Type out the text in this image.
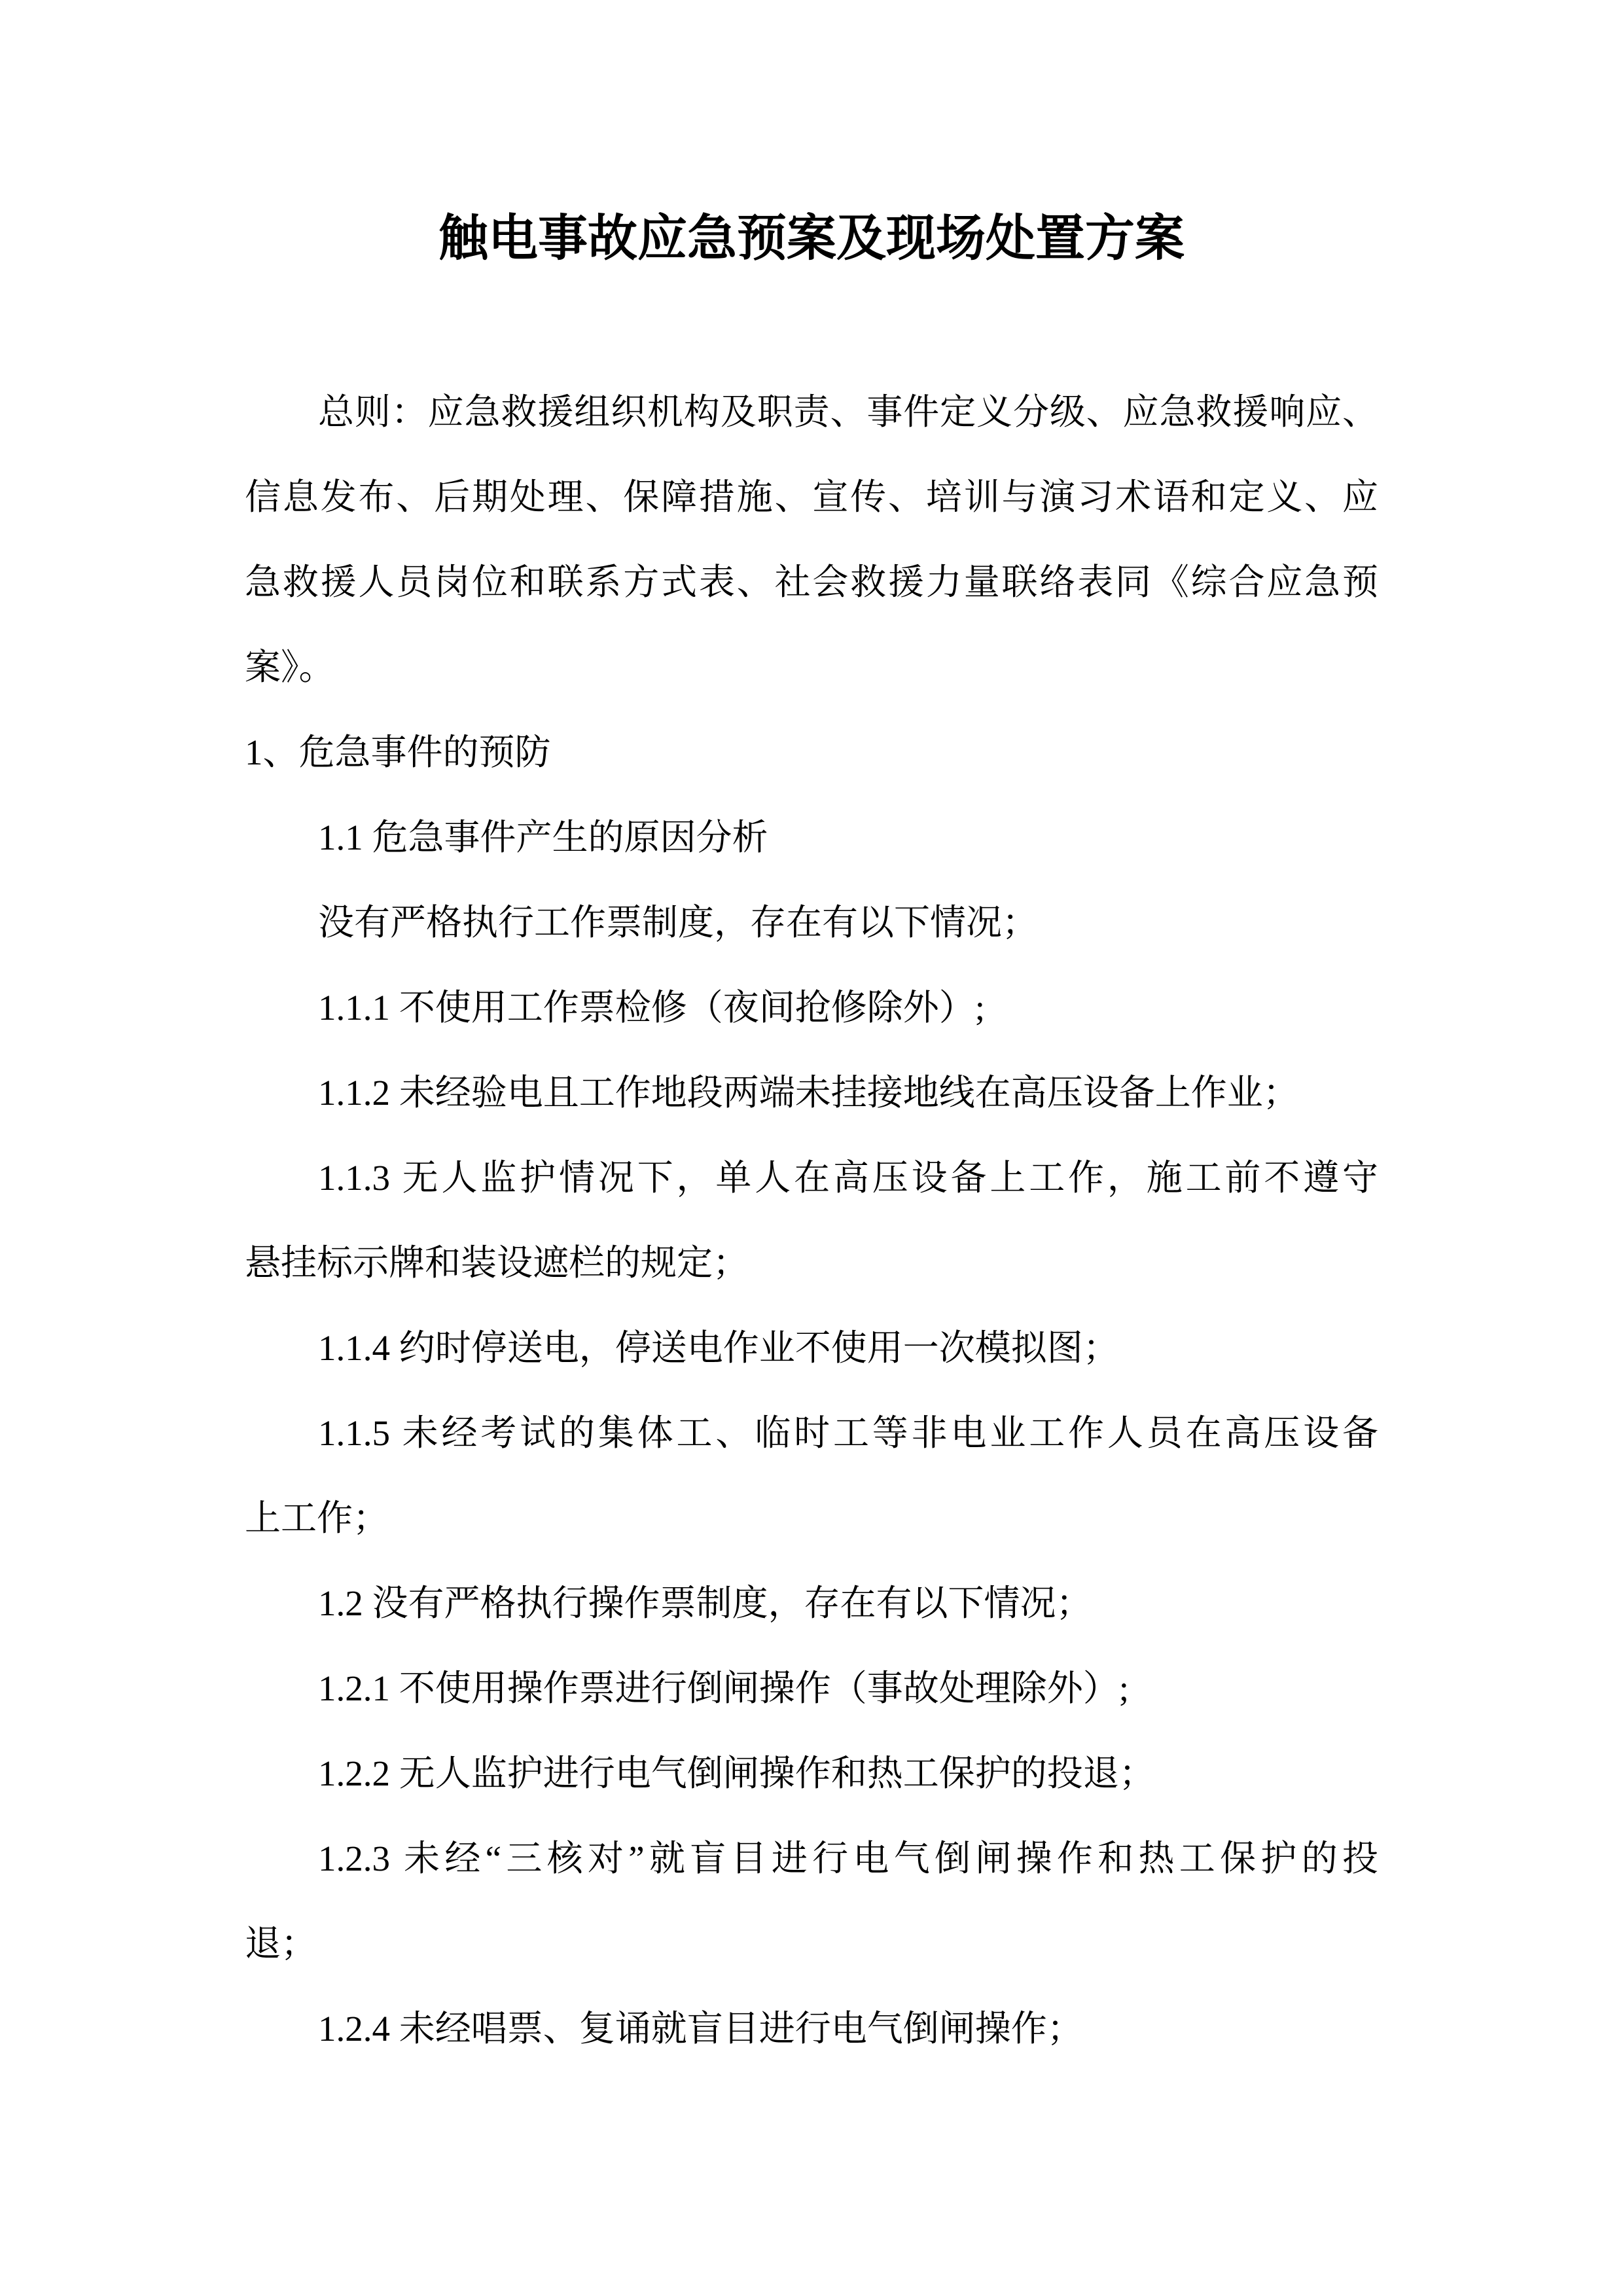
触电事故应急预案及现场处置方案
总则：应急救援组织机构及职责、事件定义分级、应急救援响应、
信息发布、后期处理、保障措施、宣传、培训与演习术语和定义、应
急救援人员岗位和联系方式表、社会救援力量联络表同《综合应急预
案》。
1、危急事件的预防
1.1 危急事件产生的原因分析
没有严格执行工作票制度，存在有以下情况；
1.1.1 不使用工作票检修（夜间抢修除外）;
1.1.2 未经验电且工作地段两端未挂接地线在高压设备上作业；
1.1.3 无人监护情况下，单人在高压设备上工作，施工前不遵守
悬挂标示牌和装设遮栏的规定；
1.1.4 约时停送电，停送电作业不使用一次模拟图；
1.1.5 未经考试的集体工、临时工等非电业工作人员在高压设备
上工作；
1.2 没有严格执行操作票制度，存在有以下情况；
1.2.1 不使用操作票进行倒闸操作（事故处理除外）;
1.2.2 无人监护进行电气倒闸操作和热工保护的投退；
1.2.3 未经“三核对”就盲目进行电气倒闸操作和热工保护的投
退；
1.2.4 未经唱票、复诵就盲目进行电气倒闸操作；
